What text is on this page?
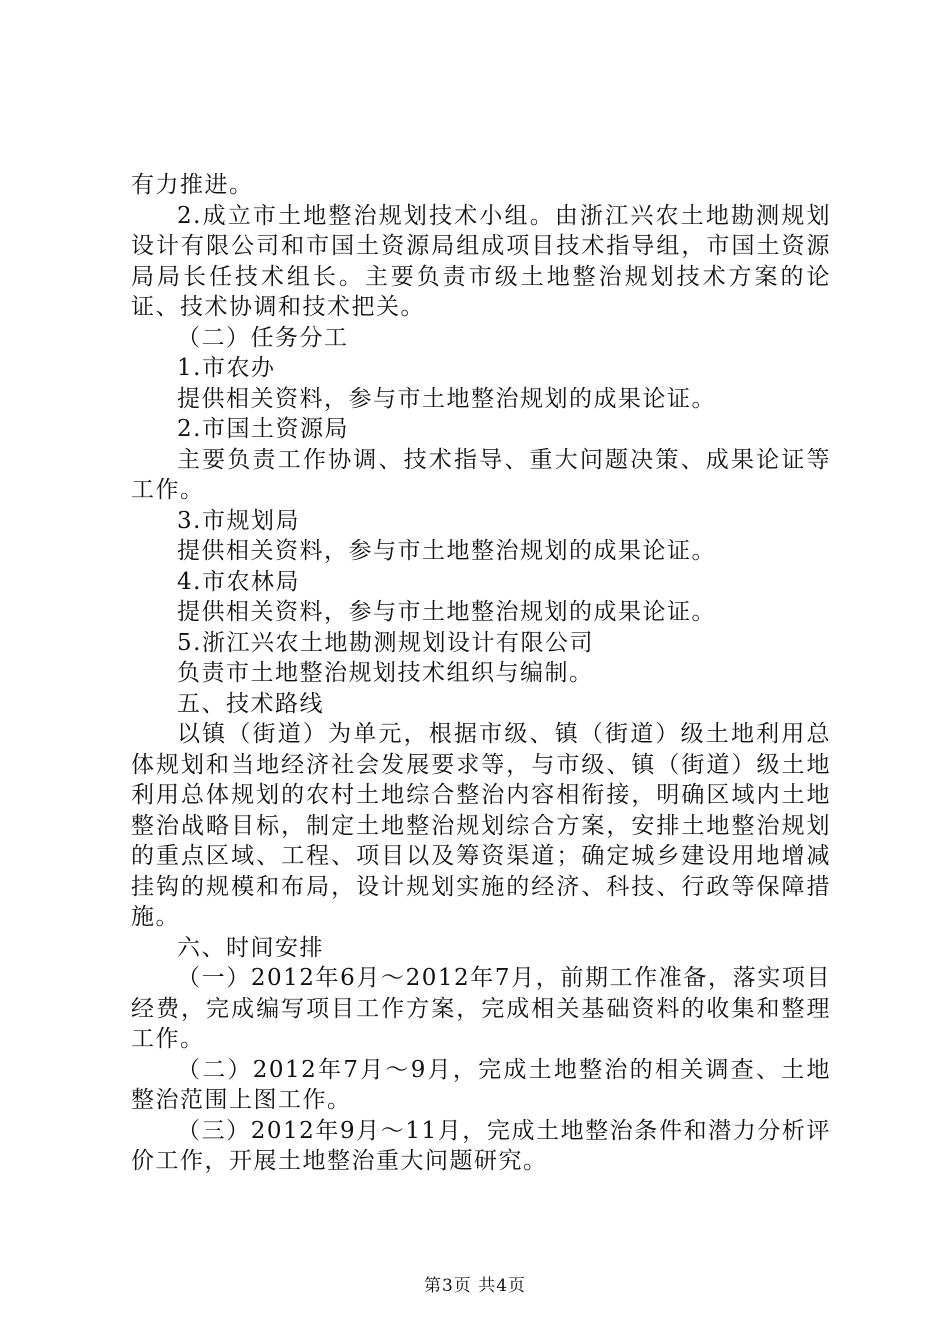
有力推进。

2.成立市土地整治规划技术小组。由浙江兴农土地勘测规划设计有限公司和市国土资源局组成项目技术指导组，市国土资源局局长任技术组长。主要负责市级土地整治规划技术方案的论证、技术协调和技术把关。

（二）任务分工

1.市农办

提供相关资料，参与市土地整治规划的成果论证。

2.市国土资源局

主要负责工作协调、技术指导、重大问题决策、成果论证等工作。

3.市规划局

提供相关资料，参与市土地整治规划的成果论证。

4.市农林局

提供相关资料，参与市土地整治规划的成果论证。

5.浙江兴农土地勘测规划设计有限公司

负责市土地整治规划技术组织与编制。

五、技术路线

以镇（街道）为单元，根据市级、镇（街道）级土地利用总体规划和当地经济社会发展要求等，与市级、镇（街道）级土地利用总体规划的农村土地综合整治内容相衔接，明确区域内土地整治战略目标，制定土地整治规划综合方案，安排土地整治规划的重点区域、工程、项目以及筹资渠道；确定城乡建设用地增减挂钩的规模和布局，设计规划实施的经济、科技、行政等保障措施。

六、时间安排

（一）2012年6月～2012年7月，前期工作准备，落实项目经费，完成编写项目工作方案，完成相关基础资料的收集和整理工作。

（二）2012年7月～9月，完成土地整治的相关调查、土地整治范围上图工作。

（三）2012年9月～11月，完成土地整治条件和潜力分析评价工作，开展土地整治重大问题研究。

第3页 共4页
